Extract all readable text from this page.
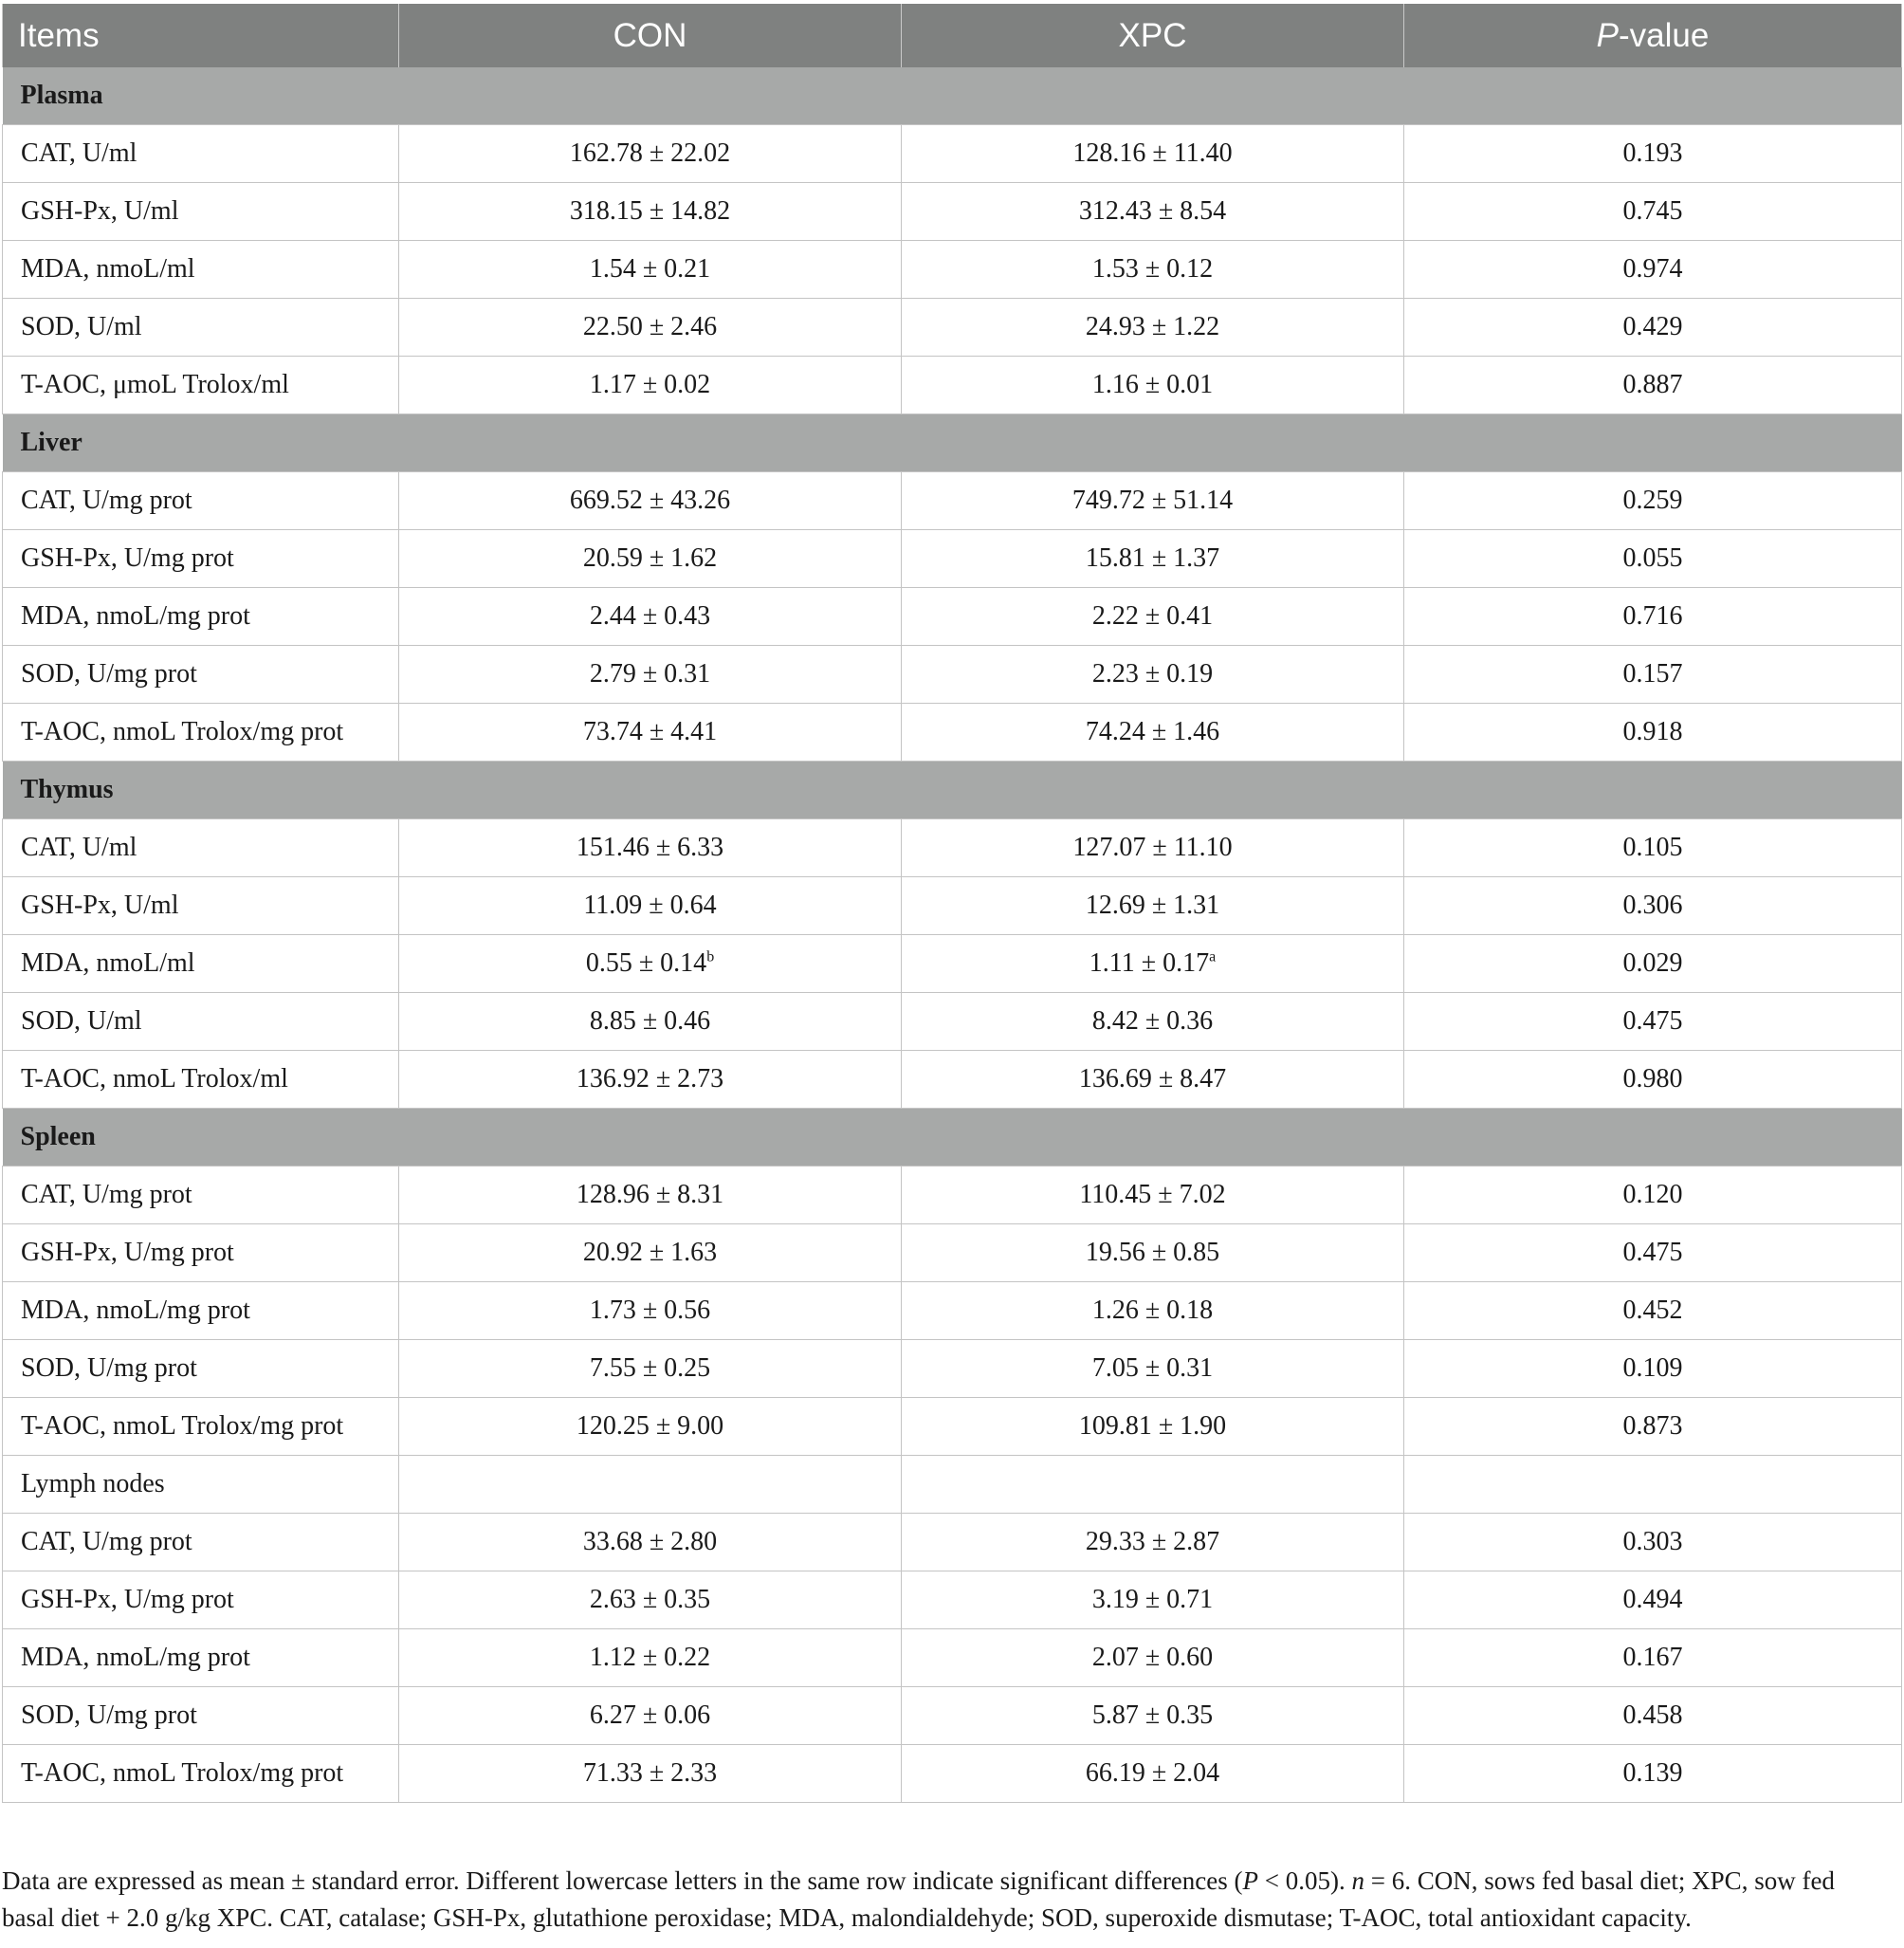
Items	CON	XPC	P-value
Plasma			
CAT, U/ml	162.78 ± 22.02	128.16 ± 11.40	0.193
GSH-Px, U/ml	318.15 ± 14.82	312.43 ± 8.54	0.745
MDA, nmoL/ml	1.54 ± 0.21	1.53 ± 0.12	0.974
SOD, U/ml	22.50 ± 2.46	24.93 ± 1.22	0.429
T-AOC, μmoL Trolox/ml	1.17 ± 0.02	1.16 ± 0.01	0.887
Liver			
CAT, U/mg prot	669.52 ± 43.26	749.72 ± 51.14	0.259
GSH-Px, U/mg prot	20.59 ± 1.62	15.81 ± 1.37	0.055
MDA, nmoL/mg prot	2.44 ± 0.43	2.22 ± 0.41	0.716
SOD, U/mg prot	2.79 ± 0.31	2.23 ± 0.19	0.157
T-AOC, nmoL Trolox/mg prot	73.74 ± 4.41	74.24 ± 1.46	0.918
Thymus			
CAT, U/ml	151.46 ± 6.33	127.07 ± 11.10	0.105
GSH-Px, U/ml	11.09 ± 0.64	12.69 ± 1.31	0.306
MDA, nmoL/ml	0.55 ± 0.14$^b$	1.11 ± 0.17$^a$	0.029
SOD, U/ml	8.85 ± 0.46	8.42 ± 0.36	0.475
T-AOC, nmoL Trolox/ml	136.92 ± 2.73	136.69 ± 8.47	0.980
Spleen			
CAT, U/mg prot	128.96 ± 8.31	110.45 ± 7.02	0.120
GSH-Px, U/mg prot	20.92 ± 1.63	19.56 ± 0.85	0.475
MDA, nmoL/mg prot	1.73 ± 0.56	1.26 ± 0.18	0.452
SOD, U/mg prot	7.55 ± 0.25	7.05 ± 0.31	0.109
T-AOC, nmoL Trolox/mg prot	120.25 ± 9.00	109.81 ± 1.90	0.873
Lymph nodes			
CAT, U/mg prot	33.68 ± 2.80	29.33 ± 2.87	0.303
GSH-Px, U/mg prot	2.63 ± 0.35	3.19 ± 0.71	0.494
MDA, nmoL/mg prot	1.12 ± 0.22	2.07 ± 0.60	0.167
SOD, U/mg prot	6.27 ± 0.06	5.87 ± 0.35	0.458
T-AOC, nmoL Trolox/mg prot	71.33 ± 2.33	66.19 ± 2.04	0.139
Data are expressed as mean ± standard error. Different lowercase letters in the same row indicate significant differences (P < 0.05). n = 6. CON, sows fed basal diet; XPC, sow fed basal diet + 2.0 g/kg XPC. CAT, catalase; GSH-Px, glutathione peroxidase; MDA, malondialdehyde; SOD, superoxide dismutase; T-AOC, total antioxidant capacity.
